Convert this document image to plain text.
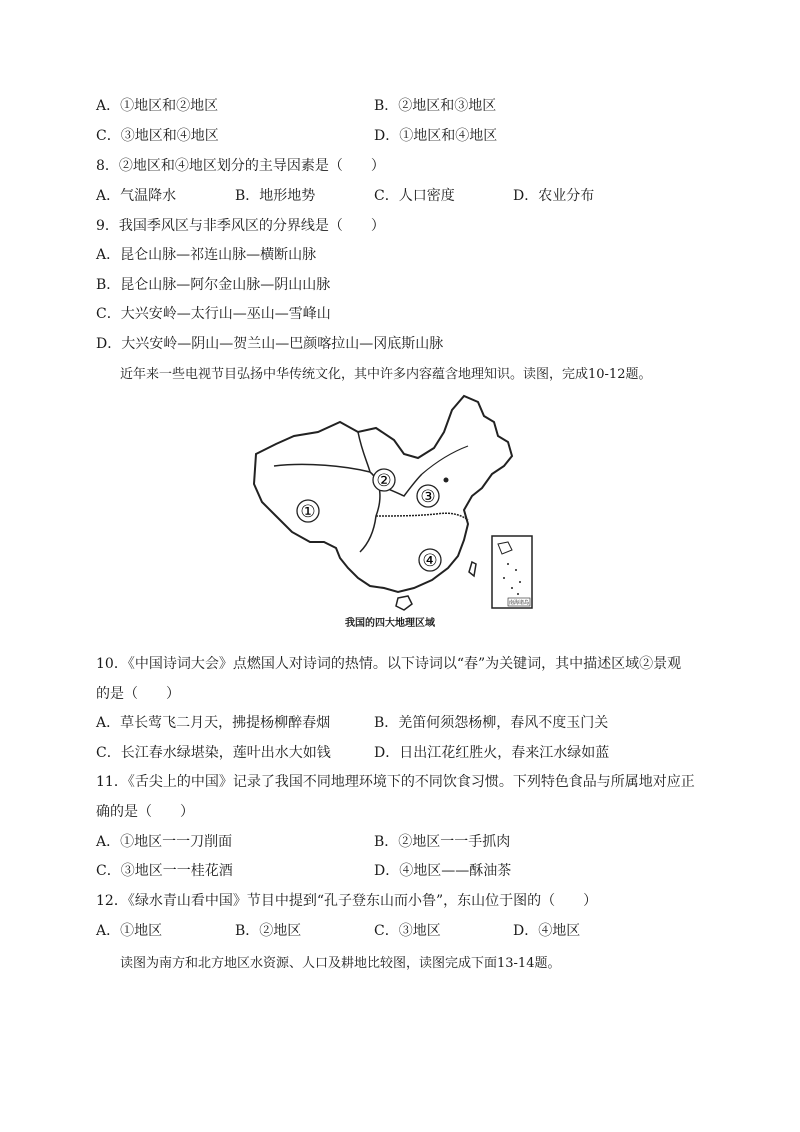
A．①地区和②地区	B．②地区和③地区
C．③地区和④地区	D．①地区和④地区
8．②地区和④地区划分的主导因素是（　　）
A．气温降水	B．地形地势	C．人口密度	D．农业分布
9．我国季风区与非季风区的分界线是（　　）
A．昆仑山脉—祁连山脉—横断山脉
B．昆仑山脉—阿尔金山脉—阴山山脉
C．大兴安岭—太行山—巫山—雪峰山
D．大兴安岭—阴山—贺兰山—巴颜喀拉山—冈底斯山脉
近年来一些电视节目弘扬中华传统文化，其中许多内容蕴含地理知识。读图，完成10-12题。
①
②
③
④
南海诸岛
我国的四大地理区域
10．《中国诗词大会》点燃国人对诗词的热情。以下诗词以“春”为关键词，其中描述区域②景观
的是（　　）
A．草长莺飞二月天，拂提杨柳醉春烟	B．羌笛何须怨杨柳，春风不度玉门关
C．长江春水绿堪染，莲叶出水大如钱	D．日出江花红胜火，春来江水绿如蓝
11．《舌尖上的中国》记录了我国不同地理环境下的不同饮食习惯。下列特色食品与所属地对应正
确的是（　　）
A．①地区一一刀削面	B．②地区一一手抓肉
C．③地区一一桂花酒	D．④地区——酥油茶
12．《绿水青山看中国》节目中提到“孔子登东山而小鲁”，东山位于图的（　　）
A．①地区	B．②地区	C．③地区	D．④地区
读图为南方和北方地区水资源、人口及耕地比较图，读图完成下面13-14题。
